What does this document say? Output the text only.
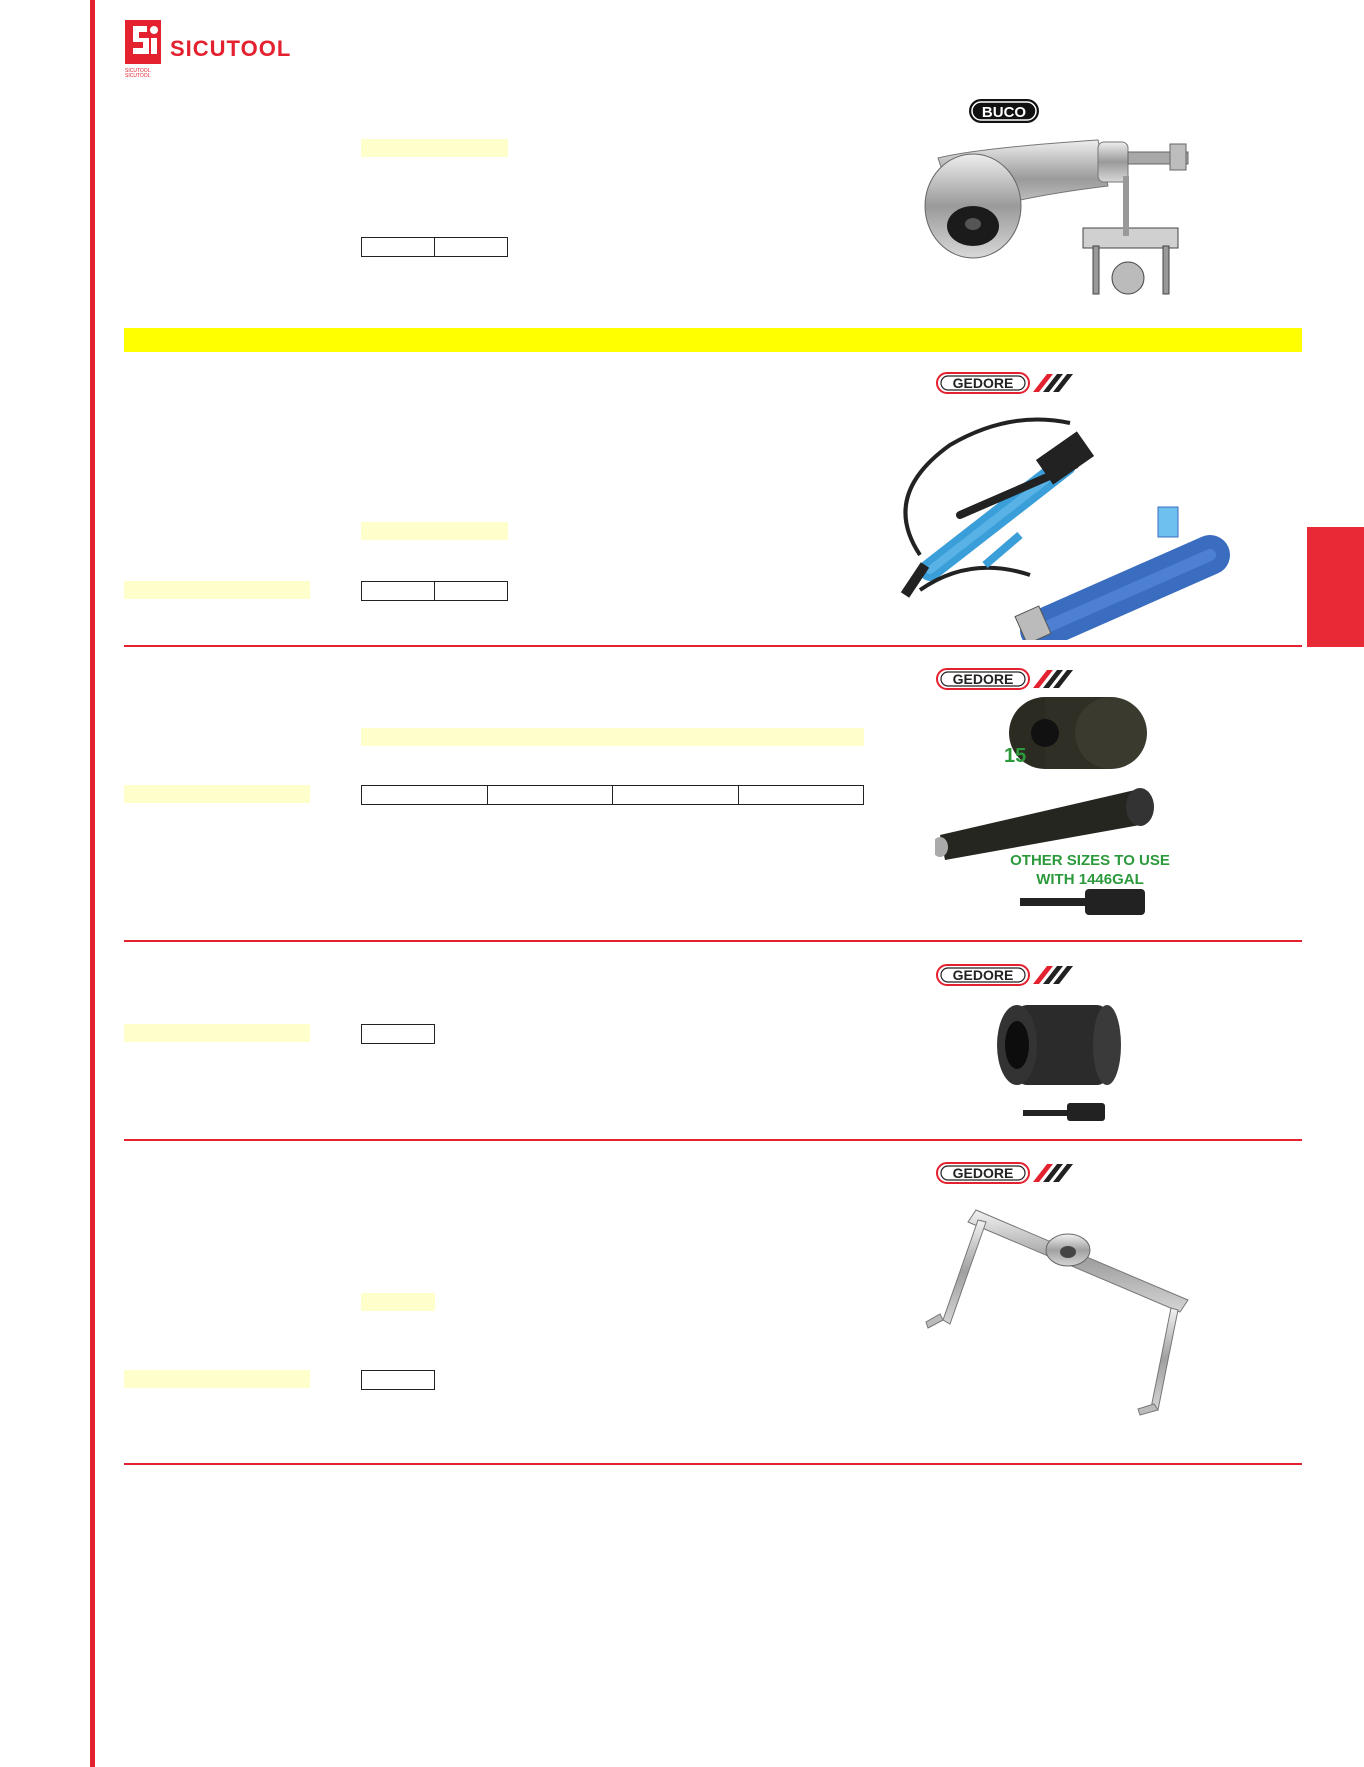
SICUTOOL
SICUTOOL
SICUTOOL
BUCO
GEDORE
GEDORE
15
OTHER SIZES TO USE
WITH 1446GAL
GEDORE
GEDORE
